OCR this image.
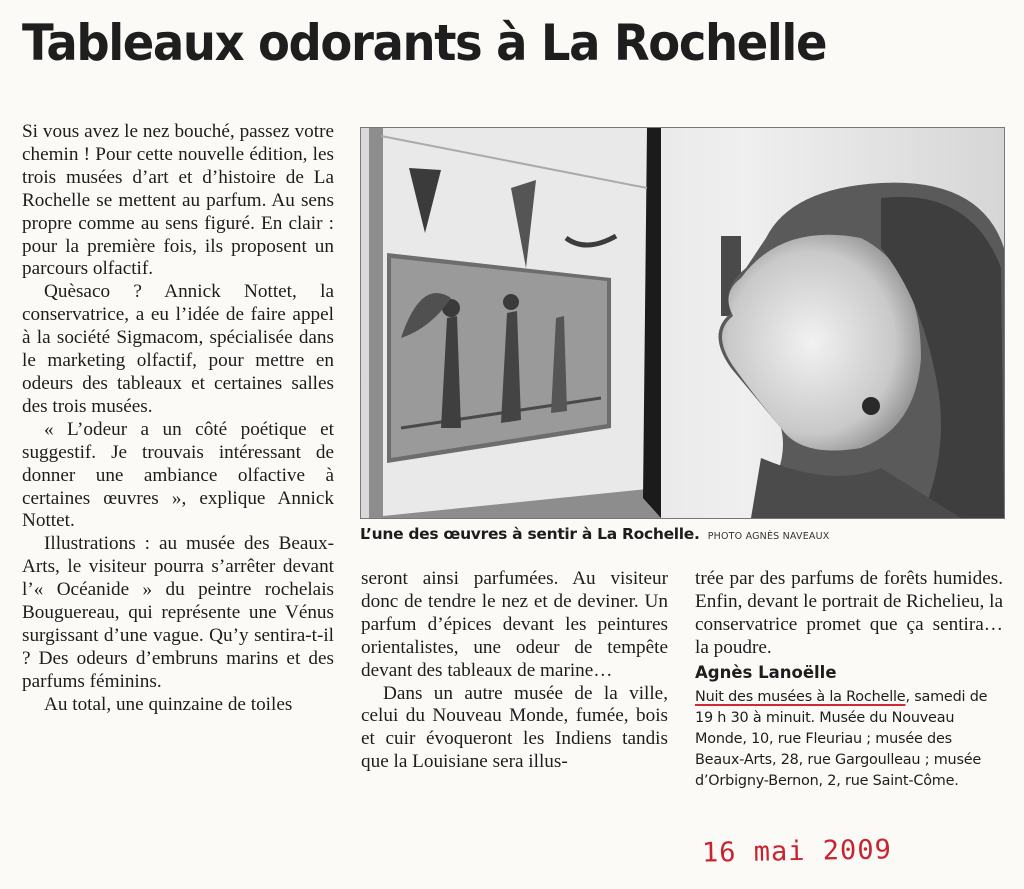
Tableaux odorants à La Rochelle

Si vous avez le nez bouché, passez votre chemin ! Pour cette nouvelle édition, les trois musées d’art et d’histoire de La Rochelle se mettent au parfum. Au sens propre comme au sens figuré. En clair : pour la première fois, ils proposent un parcours olfactif.

Quèsaco ? Annick Nottet, la conservatrice, a eu l’idée de faire appel à la société Sigmacom, spécialisée dans le marketing olfactif, pour mettre en odeurs des tableaux et certaines salles des trois musées.

« L’odeur a un côté poétique et suggestif. Je trouvais intéressant de donner une ambiance olfactive à certaines œuvres », explique Annick Nottet.

Illustrations : au musée des Beaux-Arts, le visiteur pourra s’arrêter devant l’« Océanide » du peintre rochelais Bouguereau, qui représente une Vénus surgissant d’une vague. Qu’y sentira-t-il ? Des odeurs d’embruns marins et des parfums féminins.

Au total, une quinzaine de toiles

L’une des œuvres à sentir à La Rochelle. PHOTO AGNÈS NAVEAUX

seront ainsi parfumées. Au visiteur donc de tendre le nez et de deviner. Un parfum d’épices devant les peintures orientalistes, une odeur de tempête devant des tableaux de marine…

Dans un autre musée de la ville, celui du Nouveau Monde, fumée, bois et cuir évoqueront les Indiens tandis que la Louisiane sera illus-

trée par des parfums de forêts humides. Enfin, devant le portrait de Richelieu, la conservatrice promet que ça sentira… la poudre.

Agnès Lanoëlle
Nuit des musées à la Rochelle, samedi de 19 h 30 à minuit. Musée du Nouveau Monde, 10, rue Fleuriau ; musée des Beaux-Arts, 28, rue Gargoulleau ; musée d’Orbigny-Bernon, 2, rue Saint-Côme.
16 mai 2009
